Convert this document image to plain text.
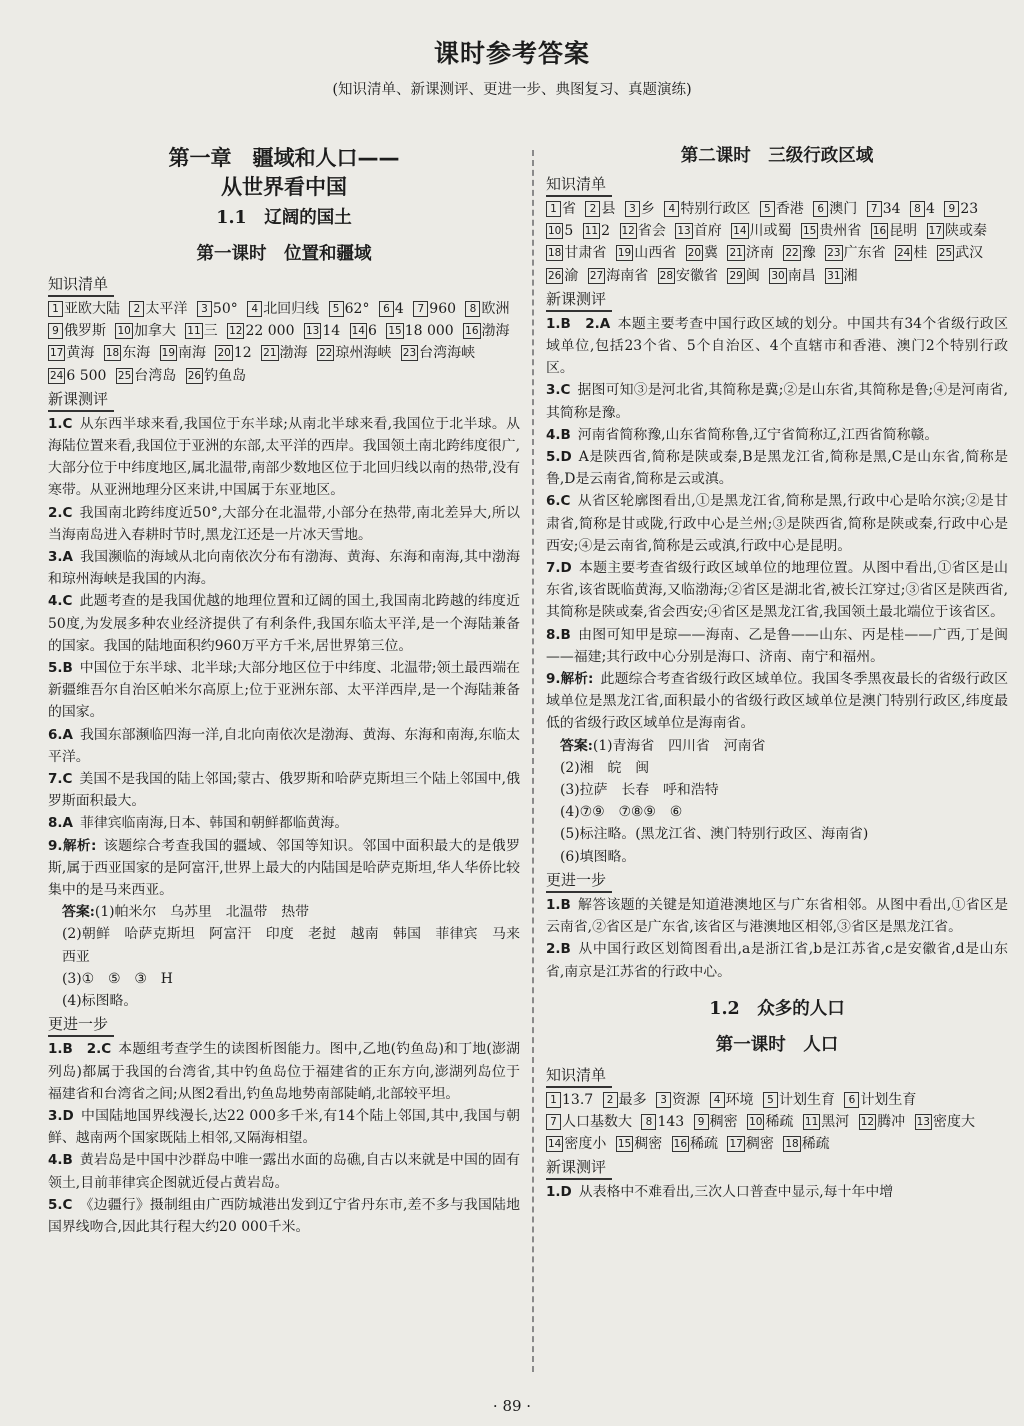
课时参考答案
(知识清单、新课测评、更进一步、典图复习、真题演练)
第一章　疆域和人口——
从世界看中国
1.1　辽阔的国土
第一课时　位置和疆域
知识清单
1 亚欧大陆 2 太平洋 3 50° 4 北回归线 5 62° 6 4 7 960 8 欧洲 9 俄罗斯 10 加拿大 11 三 12 22 000 13 14 14 6 15 18 000 16 渤海 17 黄海 18 东海 19 南海 20 12 21 渤海 22 琼州海峡 23 台湾海峡 24 6 500 25 台湾岛 26 钓鱼岛
新课测评
1.C  从东西半球来看,我国位于东半球;从南北半球来看,我国位于北半球。从海陆位置来看,我国位于亚洲的东部,太平洋的西岸。我国领土南北跨纬度很广,大部分位于中纬度地区,属北温带,南部少数地区位于北回归线以南的热带,没有寒带。从亚洲地理分区来讲,中国属于东亚地区。
2.C  我国南北跨纬度近50°,大部分在北温带,小部分在热带,南北差异大,所以当海南岛进入春耕时节时,黑龙江还是一片冰天雪地。
3.A  我国濒临的海域从北向南依次分布有渤海、黄海、东海和南海,其中渤海和琼州海峡是我国的内海。
4.C  此题考查的是我国优越的地理位置和辽阔的国土,我国南北跨越的纬度近50度,为发展多种农业经济提供了有利条件,我国东临太平洋,是一个海陆兼备的国家。我国的陆地面积约960万平方千米,居世界第三位。
5.B  中国位于东半球、北半球;大部分地区位于中纬度、北温带;领土最西端在新疆维吾尔自治区帕米尔高原上;位于亚洲东部、太平洋西岸,是一个海陆兼备的国家。
6.A  我国东部濒临四海一洋,自北向南依次是渤海、黄海、东海和南海,东临太平洋。
7.C  美国不是我国的陆上邻国;蒙古、俄罗斯和哈萨克斯坦三个陆上邻国中,俄罗斯面积最大。
8.A  菲律宾临南海,日本、韩国和朝鲜都临黄海。
9.解析:  该题综合考查我国的疆域、邻国等知识。邻国中面积最大的是俄罗斯,属于西亚国家的是阿富汗,世界上最大的内陆国是哈萨克斯坦,华人华侨比较集中的是马来西亚。
答案:(1)帕米尔　乌苏里　北温带　热带
(2)朝鲜　哈萨克斯坦　阿富汗　印度　老挝　越南　韩国　菲律宾　马来西亚
(3)①　⑤　③　H
(4)标图略。
更进一步
1.B　2.C  本题组考查学生的读图析图能力。图中,乙地(钓鱼岛)和丁地(澎湖列岛)都属于我国的台湾省,其中钓鱼岛位于福建省的正东方向,澎湖列岛位于福建省和台湾省之间;从图2看出,钓鱼岛地势南部陡峭,北部较平坦。
3.D  中国陆地国界线漫长,达22 000多千米,有14个陆上邻国,其中,我国与朝鲜、越南两个国家既陆上相邻,又隔海相望。
4.B  黄岩岛是中国中沙群岛中唯一露出水面的岛礁,自古以来就是中国的固有领土,目前菲律宾企图就近侵占黄岩岛。
5.C  《边疆行》摄制组由广西防城港出发到辽宁省丹东市,差不多与我国陆地国界线吻合,因此其行程大约20 000千米。
第二课时　三级行政区域
知识清单
1 省 2 县 3 乡 4 特别行政区 5 香港 6 澳门 7 34 8 4 9 23 10 5 11 2 12 省会 13 首府 14 川或蜀 15 贵州省 16 昆明 17 陕或秦 18 甘肃省 19 山西省 20 冀 21 济南 22 豫 23 广东省 24 桂 25 武汉 26 渝 27 海南省 28 安徽省 29 闽 30 南昌 31 湘
新课测评
1.B　2.A  本题主要考查中国行政区域的划分。中国共有34个省级行政区域单位,包括23个省、5个自治区、4个直辖市和香港、澳门2个特别行政区。
3.C  据图可知③是河北省,其简称是冀;②是山东省,其简称是鲁;④是河南省,其简称是豫。
4.B  河南省简称豫,山东省简称鲁,辽宁省简称辽,江西省简称赣。
5.D  A是陕西省,简称是陕或秦,B是黑龙江省,简称是黑,C是山东省,简称是鲁,D是云南省,简称是云或滇。
6.C  从省区轮廓图看出,①是黑龙江省,简称是黑,行政中心是哈尔滨;②是甘肃省,简称是甘或陇,行政中心是兰州;③是陕西省,简称是陕或秦,行政中心是西安;④是云南省,简称是云或滇,行政中心是昆明。
7.D  本题主要考查省级行政区域单位的地理位置。从图中看出,①省区是山东省,该省既临黄海,又临渤海;②省区是湖北省,被长江穿过;③省区是陕西省,其简称是陕或秦,省会西安;④省区是黑龙江省,我国领土最北端位于该省区。
8.B  由图可知甲是琼——海南、乙是鲁——山东、丙是桂——广西,丁是闽——福建;其行政中心分别是海口、济南、南宁和福州。
9.解析:  此题综合考查省级行政区域单位。我国冬季黑夜最长的省级行政区域单位是黑龙江省,面积最小的省级行政区域单位是澳门特别行政区,纬度最低的省级行政区域单位是海南省。
答案:(1)青海省　四川省　河南省
(2)湘　皖　闽
(3)拉萨　长春　呼和浩特
(4)⑦⑨　⑦⑧⑨　⑥
(5)标注略。(黑龙江省、澳门特别行政区、海南省)
(6)填图略。
更进一步
1.B  解答该题的关键是知道港澳地区与广东省相邻。从图中看出,①省区是云南省,②省区是广东省,该省区与港澳地区相邻,③省区是黑龙江省。
2.B  从中国行政区划简图看出,a是浙江省,b是江苏省,c是安徽省,d是山东省,南京是江苏省的行政中心。
1.2　众多的人口
第一课时　人口
知识清单
1 13.7 2 最多 3 资源 4 环境 5 计划生育 6 计划生育 7 人口基数大 8 143 9 稠密 10 稀疏 11 黑河 12 腾冲 13 密度大 14 密度小 15 稠密 16 稀疏 17 稠密 18 稀疏
新课测评
1.D  从表格中不难看出,三次人口普查中显示,每十年中增
· 89 ·
